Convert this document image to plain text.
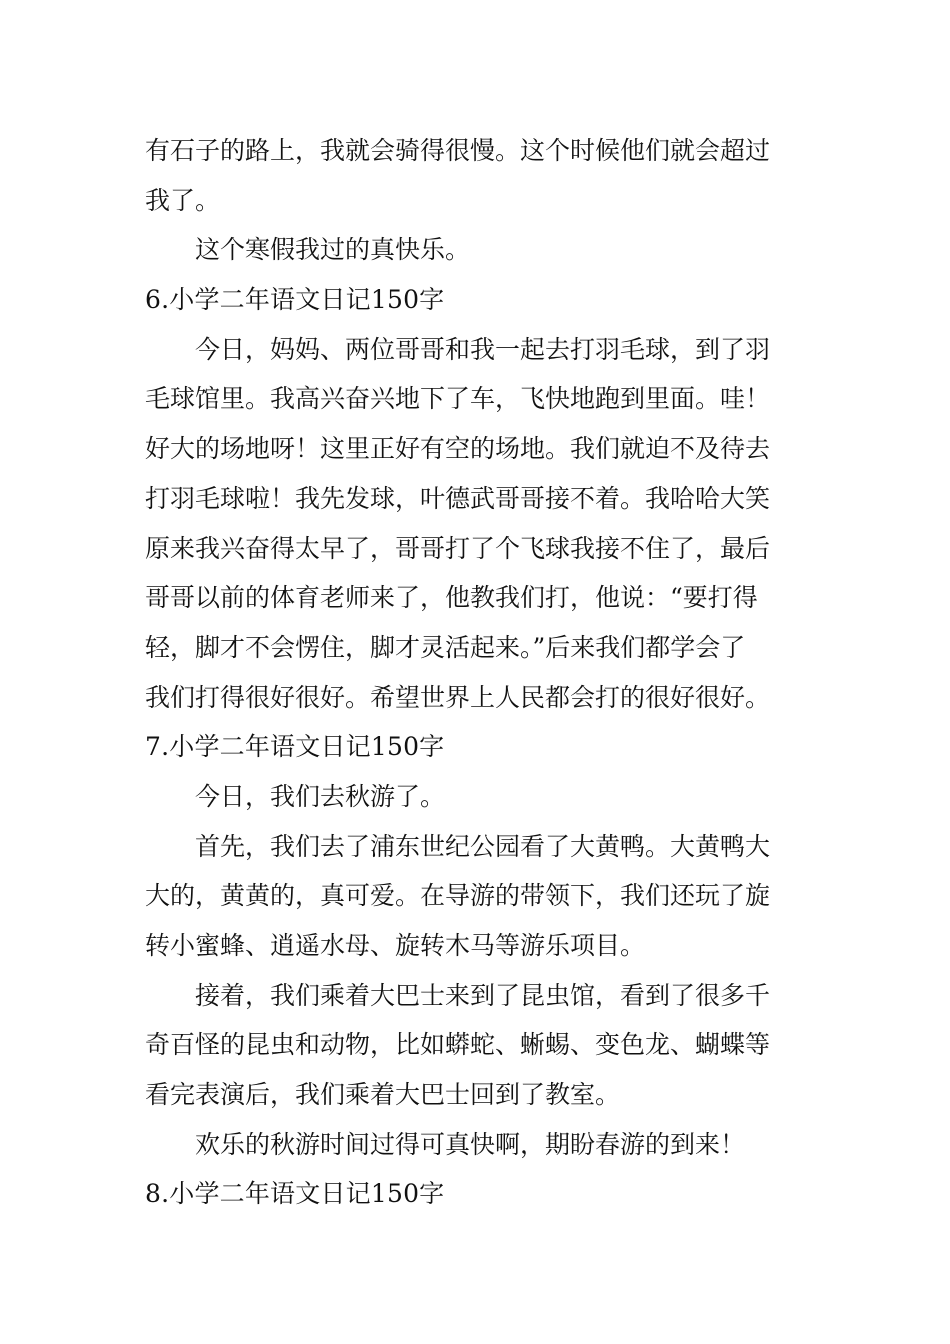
有石子的路上，我就会骑得很慢。这个时候他们就会超过
我了。
这个寒假我过的真快乐。
6.小学二年语文日记150字
今日，妈妈、两位哥哥和我一起去打羽毛球，到了羽
毛球馆里。我高兴奋兴地下了车，飞快地跑到里面。哇！
好大的场地呀！这里正好有空的场地。我们就迫不及待去
打羽毛球啦！我先发球，叶德武哥哥接不着。我哈哈大笑
原来我兴奋得太早了，哥哥打了个飞球我接不住了，最后
哥哥以前的体育老师来了，他教我们打，他说：“要打得
轻，脚才不会愣住，脚才灵活起来。”后来我们都学会了
我们打得很好很好。希望世界上人民都会打的很好很好。
7.小学二年语文日记150字
今日，我们去秋游了。
首先，我们去了浦东世纪公园看了大黄鸭。大黄鸭大
大的，黄黄的，真可爱。在导游的带领下，我们还玩了旋
转小蜜蜂、逍遥水母、旋转木马等游乐项目。
接着，我们乘着大巴士来到了昆虫馆，看到了很多千
奇百怪的昆虫和动物，比如蟒蛇、蜥蜴、变色龙、蝴蝶等
看完表演后，我们乘着大巴士回到了教室。
欢乐的秋游时间过得可真快啊，期盼春游的到来！
8.小学二年语文日记150字
